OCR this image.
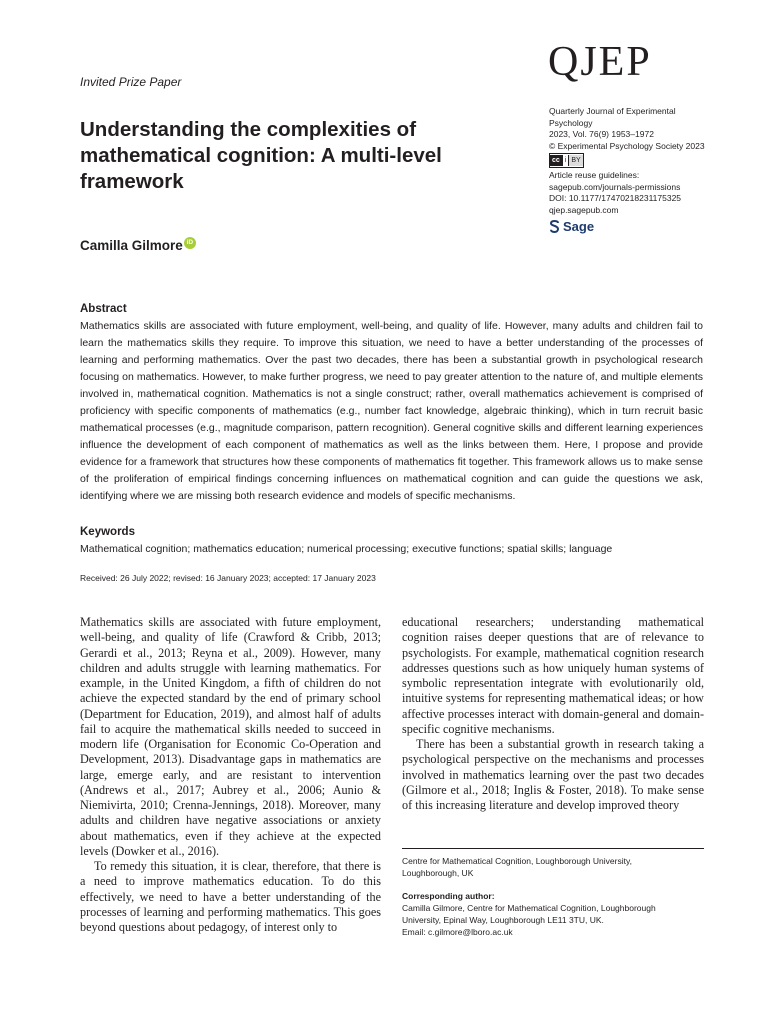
Invited Prize Paper	QJEP
Quarterly Journal of Experimental
Psychology
2023, Vol. 76(9) 1953–1972
© Experimental Psychology Society 2023
cc i BY
Article reuse guidelines:
sagepub.com/journals-permissions
DOI: 10.1177/17470218231175325
qjep.sagepub.com
Sage
Understanding the complexities of mathematical cognition: A multi-level framework
Camilla Gilmore iD
Abstract
Mathematics skills are associated with future employment, well-being, and quality of life. However, many adults and children fail to learn the mathematics skills they require. To improve this situation, we need to have a better understanding of the processes of learning and performing mathematics. Over the past two decades, there has been a substantial growth in psychological research focusing on mathematics. However, to make further progress, we need to pay greater attention to the nature of, and multiple elements involved in, mathematical cognition. Mathematics is not a single construct; rather, overall mathematics achievement is comprised of proficiency with specific components of mathematics (e.g., number fact knowledge, algebraic thinking), which in turn recruit basic mathematical processes (e.g., magnitude comparison, pattern recognition). General cognitive skills and different learning experiences influence the development of each component of mathematics as well as the links between them. Here, I propose and provide evidence for a framework that structures how these components of mathematics fit together. This framework allows us to make sense of the proliferation of empirical findings concerning influences on mathematical cognition and can guide the questions we ask, identifying where we are missing both research evidence and models of specific mechanisms.
Keywords
Mathematical cognition; mathematics education; numerical processing; executive functions; spatial skills; language
Received: 26 July 2022; revised: 16 January 2023; accepted: 17 January 2023

Mathematics skills are associated with future employment, well-being, and quality of life (Crawford & Cribb, 2013; Gerardi et al., 2013; Reyna et al., 2009). However, many children and adults struggle with learning mathematics. For example, in the United Kingdom, a fifth of children do not achieve the expected standard by the end of primary school (Department for Education, 2019), and almost half of adults fail to acquire the mathematical skills needed to succeed in modern life (Organisation for Economic Co-Operation and Development, 2013). Disadvantage gaps in mathematics are large, emerge early, and are resistant to intervention (Andrews et al., 2017; Aubrey et al., 2006; Aunio & Niemivirta, 2010; Crenna-Jennings, 2018). Moreover, many adults and children have negative associations or anxiety about mathematics, even if they achieve at the expected levels (Dowker et al., 2016).

To remedy this situation, it is clear, therefore, that there is a need to improve mathematics education. To do this effectively, we need to have a better understanding of the processes of learning and performing mathematics. This goes beyond questions about pedagogy, of interest only to

educational researchers; understanding mathematical cognition raises deeper questions that are of relevance to psychologists. For example, mathematical cognition research addresses questions such as how uniquely human systems of symbolic representation integrate with evolutionarily old, intuitive systems for representing mathematical ideas; or how affective processes interact with domain-general and domain-specific cognitive mechanisms.

There has been a substantial growth in research taking a psychological perspective on the mechanisms and processes involved in mathematics learning over the past two decades (Gilmore et al., 2018; Inglis & Foster, 2018). To make sense of this increasing literature and develop improved theory

Centre for Mathematical Cognition, Loughborough University,
Loughborough, UK
Corresponding author:
Camilla Gilmore, Centre for Mathematical Cognition, Loughborough
University, Epinal Way, Loughborough LE11 3TU, UK.
Email: c.gilmore@lboro.ac.uk
